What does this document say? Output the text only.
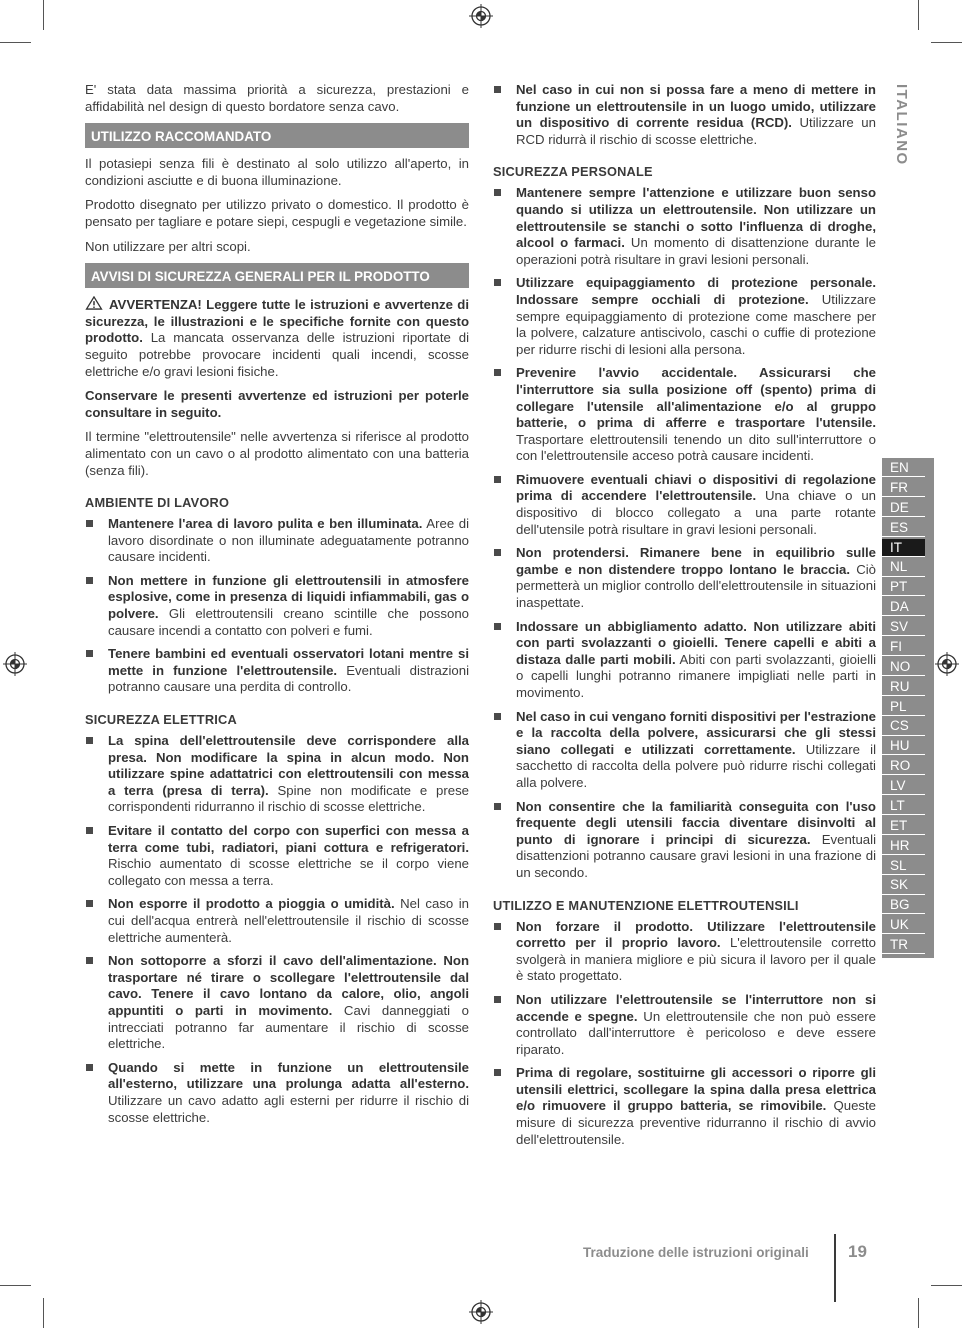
E' stata data massima priorità a sicurezza, prestazioni e affidabilità nel design di questo bordatore senza cavo.

UTILIZZO RACCOMANDATO

Il potasiepi senza fili è destinato al solo utilizzo all'aperto, in condizioni asciutte e di buona illuminazione.

Prodotto disegnato per utilizzo privato o domestico. Il prodotto è pensato per tagliare e potare siepi, cespugli e vegetazione simile.

Non utilizzare per altri scopi.

AVVISI DI SICUREZZA GENERALI PER IL PRODOTTO

AVVERTENZA! Leggere tutte le istruzioni e avvertenze di sicurezza, le illustrazioni e le specifiche fornite con questo prodotto. La mancata osservanza delle istruzioni riportate di seguito potrebbe provocare incidenti quali incendi, scosse elettriche e/o gravi lesioni fisiche.

Conservare le presenti avvertenze ed istruzioni per poterle consultare in seguito.

Il termine "elettroutensile" nelle avvertenza si riferisce al prodotto alimentato con un cavo o al prodotto alimentato con una batteria (senza fili).

AMBIENTE DI LAVORO
Mantenere l'area di lavoro pulita e ben illuminata. Aree di lavoro disordinate o non illuminate adeguatamente potranno causare incidenti.
Non mettere in funzione gli elettroutensili in atmosfere esplosive, come in presenza di liquidi infiammabili, gas o polvere. Gli elettroutensili creano scintille che possono causare incendi a contatto con polveri e fumi.
Tenere bambini ed eventuali osservatori lotani mentre si mette in funzione l'elettroutensile. Eventuali distrazioni potranno causare una perdita di controllo.
SICUREZZA ELETTRICA
La spina dell'elettroutensile deve corrispondere alla presa. Non modificare la spina in alcun modo. Non utilizzare spine adattatrici con elettroutensili con messa a terra (presa di terra). Spine non modificate e prese corrispondenti ridurranno il rischio di scosse elettriche.
Evitare il contatto del corpo con superfici con messa a terra come tubi, radiatori, piani cottura e refrigeratori. Rischio aumentato di scosse elettriche se il corpo viene collegato con messa a terra.
Non esporre il prodotto a pioggia o umidità. Nel caso in cui dell'acqua entrerà nell'elettroutensile il rischio di scosse elettriche aumenterà.
Non sottoporre a sforzi il cavo dell'alimentazione. Non trasportare né tirare o scollegare l'elettroutensile dal cavo. Tenere il cavo lontano da calore, olio, angoli appuntiti o parti in movimento. Cavi danneggiati o intrecciati potranno far aumentare il rischio di scosse elettriche.
Quando si mette in funzione un elettroutensile all'esterno, utilizzare una prolunga adatta all'esterno. Utilizzare un cavo adatto agli esterni per ridurre il rischio di scosse elettriche.
Nel caso in cui non si possa fare a meno di mettere in funzione un elettroutensile in un luogo umido, utilizzare un dispositivo di corrente residua (RCD). Utilizzare un RCD ridurrà il rischio di scosse elettriche.
SICUREZZA PERSONALE
Mantenere sempre l'attenzione e utilizzare buon senso quando si utilizza un elettroutensile. Non utilizzare un elettroutensile se stanchi o sotto l'influenza di droghe, alcool o farmaci. Un momento di disattenzione durante le operazioni potrà risultare in gravi lesioni personali.
Utilizzare equipaggiamento di protezione personale. Indossare sempre occhiali di protezione. Utilizzare sempre equipaggiamento di protezione come maschere per la polvere, calzature antiscivolo, caschi o cuffie di protezione per ridurre rischi di lesioni alla persona.
Prevenire l'avvio accidentale. Assicurarsi che l'interruttore sia sulla posizione off (spento) prima di collegare l'utensile all'alimentazione e/o al gruppo batterie, o prima di afferre e trasportare l'utensile. Trasportare elettroutensili tenendo un dito sull'interruttore o con l'elettroutensile acceso potrà causare incidenti.
Rimuovere eventuali chiavi o dispositivi di regolazione prima di accendere l'elettroutensile. Una chiave o un dispositivo di blocco collegato a una parte rotante dell'utensile potrà risultare in gravi lesioni personali.
Non protendersi. Rimanere bene in equilibrio sulle gambe e non distendere troppo lontano le braccia. Ciò permetterà un miglior controllo dell'elettroutensile in situazioni inaspettate.
Indossare un abbigliamento adatto. Non utilizzare abiti con parti svolazzanti o gioielli. Tenere capelli e abiti a distaza dalle parti mobili. Abiti con parti svolazzanti, gioielli o capelli lunghi potranno rimanere impigliati nelle parti in movimento.
Nel caso in cui vengano forniti dispositivi per l'estrazione e la raccolta della polvere, assicurarsi che gli stessi siano collegati e utilizzati correttamente. Utilizzare il sacchetto di raccolta della polvere può ridurre rischi collegati alla polvere.
Non consentire che la familiarità conseguita con l'uso frequente degli utensili faccia diventare disinvolti al punto di ignorare i principi di sicurezza. Eventuali disattenzioni potranno causare gravi lesioni in una frazione di un secondo.
UTILIZZO E MANUTENZIONE ELETTROUTENSILI
Non forzare il prodotto. Utilizzare l'elettroutensile corretto per il proprio lavoro. L'elettroutensile corretto svolgerà in maniera migliore e più sicura il lavoro per il quale è stato progettato.
Non utilizzare l'elettroutensile se l'interruttore non si accende e spegne. Un elettroutensile che non può essere controllato dall'interruttore è pericoloso e deve essere riparato.
Prima di regolare, sostituirne gli accessori o riporre gli utensili elettrici, scollegare la spina dalla presa elettrica e/o rimuovere il gruppo batteria, se rimovibile. Queste misure di sicurezza preventive ridurranno il rischio di avvio dell'elettroutensile.
ITALIANO
EN
FR
DE
ES
IT
NL
PT
DA
SV
FI
NO
RU
PL
CS
HU
RO
LV
LT
ET
HR
SL
SK
BG
UK
TR
Traduzione delle istruzioni originali 19
